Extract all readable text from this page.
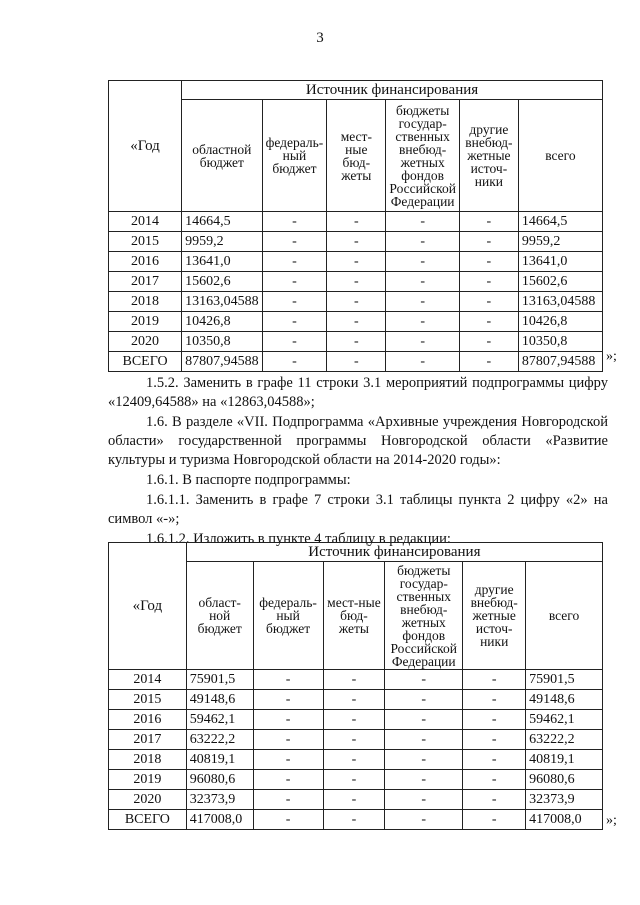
3
«Год	Источник финансирования					
	областной бюджет	федераль-ный бюджет	мест-ные бюд-жеты	бюджеты государ-ственных внебюд-жетных фондов Российской Федерации	другие внебюд-жетные источ-ники	всего
2014	14664,5	-	-	-	-	14664,5
2015	9959,2	-	-	-	-	9959,2
2016	13641,0	-	-	-	-	13641,0
2017	15602,6	-	-	-	-	15602,6
2018	13163,04588	-	-	-	-	13163,04588
2019	10426,8	-	-	-	-	10426,8
2020	10350,8	-	-	-	-	10350,8
ВСЕГО	87807,94588	-	-	-	-	87807,94588 »;
1.5.2. Заменить в графе 11 строки 3.1 мероприятий подпрограммы цифру «12409,64588» на «12863,04588»;
1.6. В разделе «VII. Подпрограмма «Архивные учреждения Новгородской области» государственной программы Новгородской области «Развитие культуры и туризма Новгородской области на 2014-2020 годы»:
1.6.1. В паспорте подпрограммы:
1.6.1.1. Заменить в графе 7 строки 3.1 таблицы пункта 2 цифру «2» на символ «-»;
1.6.1.2. Изложить в пункте 4 таблицу в редакции:
«Год	Источник финансирования					
	област-ной бюджет	федераль-ный бюджет	мест-ные бюд-жеты	бюджеты государ-ственных внебюд-жетных фондов Российской Федерации	другие внебюд-жетные источ-ники	всего
2014	75901,5	-	-	-	-	75901,5
2015	49148,6	-	-	-	-	49148,6
2016	59462,1	-	-	-	-	59462,1
2017	63222,2	-	-	-	-	63222,2
2018	40819,1	-	-	-	-	40819,1
2019	96080,6	-	-	-	-	96080,6
2020	32373,9	-	-	-	-	32373,9
ВСЕГО	417008,0	-	-	-	-	417008,0 »;
